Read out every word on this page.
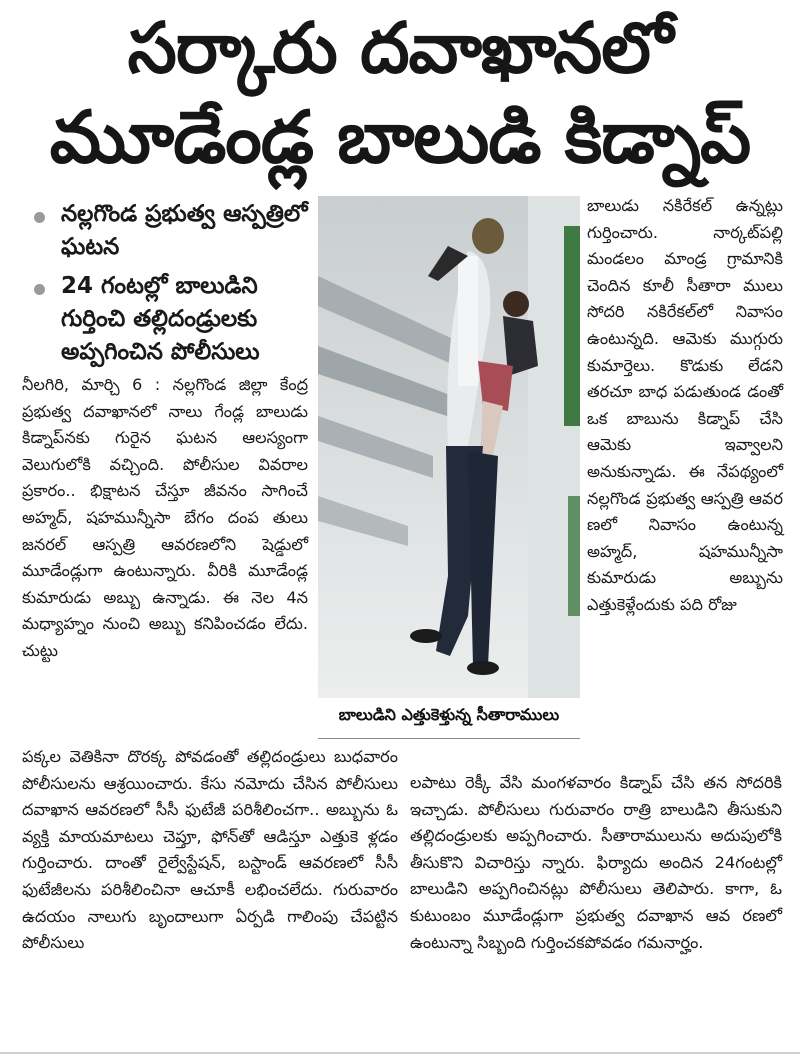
సర్కారు దవాఖానలో
మూడేండ్ల బాలుడి కిడ్నాప్
నల్లగొండ ప్రభుత్వ ఆస్పత్రిలో ఘటన
24 గంటల్లో బాలుడిని గుర్తించి తల్లిదండ్రులకు అప్పగించిన పోలీసులు

నీలగిరి, మార్చి 6 : నల్లగొండ జిల్లా కేంద్ర ప్రభుత్వ దవాఖానలో నాలు గేండ్ల బాలుడు కిడ్నాప్‌నకు గురైన ఘటన ఆలస్యంగా వెలుగులోకి వచ్చింది. పోలీసుల వివరాల ప్రకారం.. భిక్షాటన చేస్తూ జీవనం సాగించే అహ్మద్, షహమున్నీసా బేగం దంప తులు జనరల్ ఆస్పత్రి ఆవరణలోని షెడ్డులో మూడేండ్లుగా ఉంటున్నారు. వీరికి మూడేండ్ల కుమారుడు అబ్బు ఉన్నాడు. ఈ నెల 4న మధ్యాహ్నం నుంచి అబ్బు కనిపించడం లేదు. చుట్టు

బాలుడిని ఎత్తుకెళ్తున్న సీతారాములు

బాలుడు నకిరేకల్ ఉన్నట్లు గుర్తించారు. నార్కట్‌పల్లి మండలం మాండ్ర గ్రామానికి చెందిన కూలీ సీతారా ములు సోదరి నకిరేకల్‌లో నివాసం ఉంటున్నది. ఆమెకు ముగ్గురు కుమార్తెలు. కొడుకు లేడని తరచూ బాధ పడుతుండ డంతో ఒక బాబును కిడ్నాప్ చేసి ఆమెకు ఇవ్వాలని అనుకున్నాడు. ఈ నేపథ్యంలో నల్లగొండ ప్రభుత్వ ఆస్పత్రి ఆవర ణలో నివాసం ఉంటున్న అహ్మద్, షహమున్నీసా కుమారుడు అబ్బును ఎత్తుకెళ్లేందుకు పది రోజు

పక్కల వెతికినా దొరక్క పోవడంతో తల్లిదండ్రులు బుధవారం పోలీసులను ఆశ్రయించారు. కేసు నమోదు చేసిన పోలీసులు దవాఖాన ఆవరణలో సీసీ ఫుటేజీ పరిశీలించగా.. అబ్బును ఓ వ్యక్తి మాయమాటలు చెప్తూ, ఫోన్‌తో ఆడిస్తూ ఎత్తుకె ళ్లడం గుర్తించారు. దాంతో రైల్వేస్టేషన్, బస్టాండ్ ఆవరణలో సీసీ ఫుటేజీలను పరిశీలించినా ఆచూకీ లభించలేదు. గురువారం ఉదయం నాలుగు బృందాలుగా ఏర్పడి గాలింపు చేపట్టిన పోలీసులు

లపాటు రెక్కీ వేసి మంగళవారం కిడ్నాప్ చేసి తన సోదరికి ఇచ్చాడు. పోలీసులు గురువారం రాత్రి బాలుడిని తీసుకుని తల్లిదండ్రులకు అప్పగించారు. సీతారాములును అదుపులోకి తీసుకొని విచారిస్తు న్నారు. ఫిర్యాదు అందిన 24గంటల్లో బాలుడిని అప్పగించినట్లు పోలీసులు తెలిపారు. కాగా, ఓ కుటుంబం మూడేండ్లుగా ప్రభుత్వ దవాఖాన ఆవ రణలో ఉంటున్నా సిబ్బంది గుర్తించకపోవడం గమనార్హం.
